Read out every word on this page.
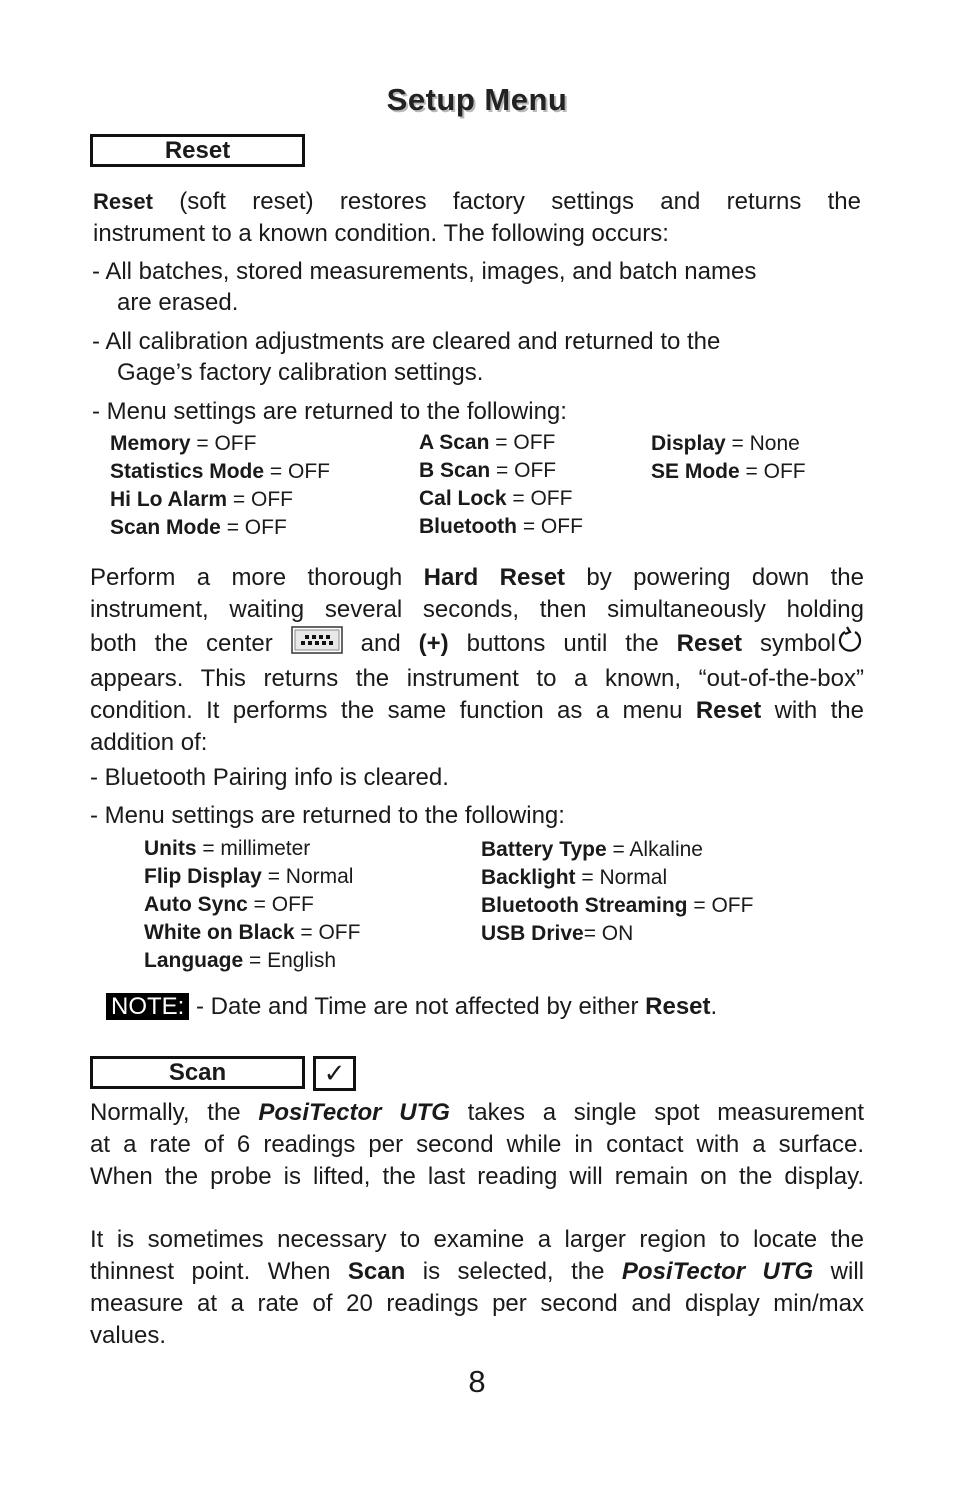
Setup Menu
Reset
Reset (soft reset) restores factory settings and returns the
instrument to a known condition. The following occurs:
- All batches, stored measurements, images, and batch names
are erased.
- All calibration adjustments are cleared and returned to the
Gage’s factory calibration settings.
- Menu settings are returned to the following:
Memory = OFF
Statistics Mode = OFF
Hi Lo Alarm = OFF
Scan Mode = OFF
A Scan = OFF
B Scan = OFF
Cal Lock = OFF
Bluetooth = OFF
Display = None
SE Mode = OFF
Perform a more thorough Hard Reset by powering down the
instrument, waiting several seconds, then simultaneously holding
both the center  and (+) buttons until the Reset symbol
appears. This returns the instrument to a known, “out-of-the-box”
condition. It performs the same function as a menu Reset with the
addition of:
- Bluetooth Pairing info is cleared.
- Menu settings are returned to the following:
Units = millimeter
Flip Display = Normal
Auto Sync = OFF
White on Black = OFF
Language = English
Battery Type = Alkaline
Backlight = Normal
Bluetooth Streaming = OFF
USB Drive= ON
NOTE: - Date and Time are not affected by either Reset.
Scan	✓
Normally, the PosiTector UTG takes a single spot measurement
at a rate of 6 readings per second while in contact with a surface.
When the probe is lifted, the last reading will remain on the display.
It is sometimes necessary to examine a larger region to locate the
thinnest point. When Scan is selected, the PosiTector UTG will
measure at a rate of 20 readings per second and display min/max
values.
8
